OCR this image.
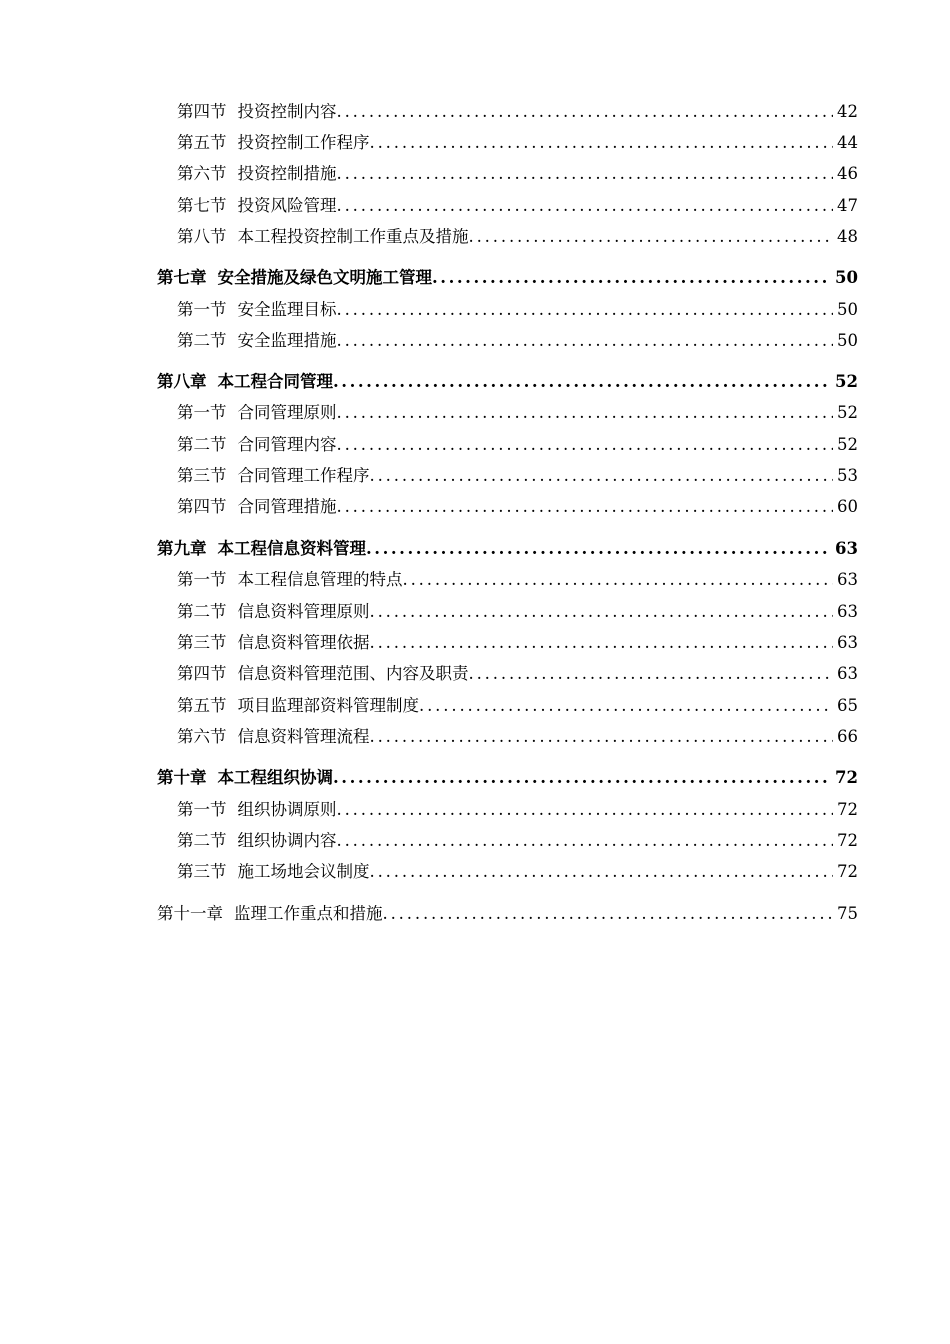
第四节 投资控制内容 . . .	42
第五节 投资控制工作程序 . . .	44
第六节 投资控制措施 . . .	46
第七节 投资风险管理 . . .	47
第八节 本工程投资控制工作重点及措施 . . .	48
第七章 安全措施及绿色文明施工管理 . . .	50
第一节 安全监理目标 . . .	50
第二节 安全监理措施 . . .	50
第八章 本工程合同管理 . . .	52
第一节 合同管理原则 . . .	52
第二节 合同管理内容 . . .	52
第三节 合同管理工作程序 . . .	53
第四节 合同管理措施 . . .	60
第九章 本工程信息资料管理 . . .	63
第一节 本工程信息管理的特点 . . .	63
第二节 信息资料管理原则 . . .	63
第三节 信息资料管理依据 . . .	63
第四节 信息资料管理范围、内容及职责 . . .	63
第五节 项目监理部资料管理制度 . . .	65
第六节 信息资料管理流程 . . .	66
第十章 本工程组织协调 . . .	72
第一节 组织协调原则 . . .	72
第二节 组织协调内容 . . .	72
第三节 施工场地会议制度 . . .	72
第十一章 监理工作重点和措施 . . .	75
